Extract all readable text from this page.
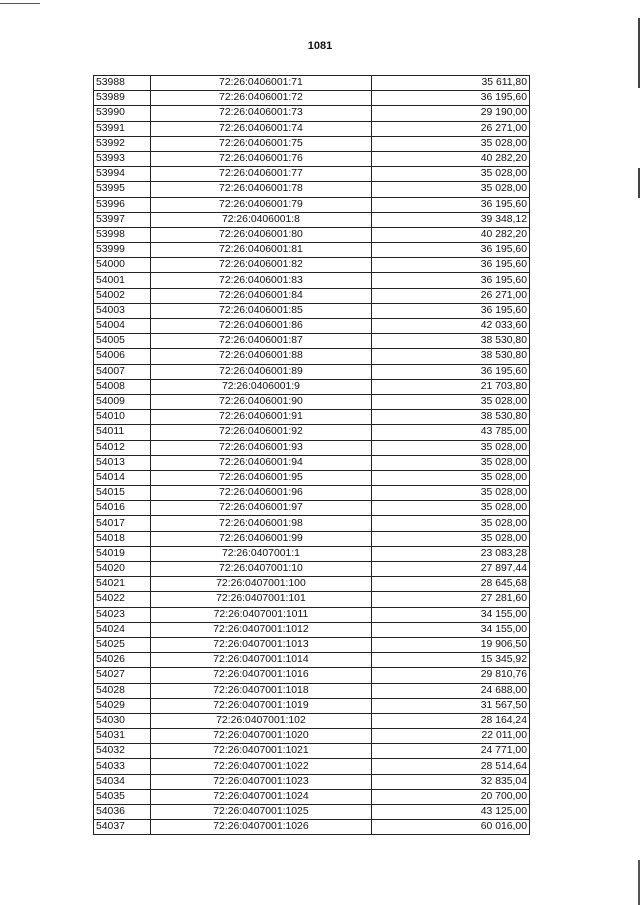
1081
53988	72:26:0406001:71	35 611,80
53989	72:26:0406001:72	36 195,60
53990	72:26:0406001:73	29 190,00
53991	72:26:0406001:74	26 271,00
53992	72:26:0406001:75	35 028,00
53993	72:26:0406001:76	40 282,20
53994	72:26:0406001:77	35 028,00
53995	72:26:0406001:78	35 028,00
53996	72:26:0406001:79	36 195,60
53997	72:26:0406001:8	39 348,12
53998	72:26:0406001:80	40 282,20
53999	72:26:0406001:81	36 195,60
54000	72:26:0406001:82	36 195,60
54001	72:26:0406001:83	36 195,60
54002	72:26:0406001:84	26 271,00
54003	72:26:0406001:85	36 195,60
54004	72:26:0406001:86	42 033,60
54005	72:26:0406001:87	38 530,80
54006	72:26:0406001:88	38 530,80
54007	72:26:0406001:89	36 195,60
54008	72:26:0406001:9	21 703,80
54009	72:26:0406001:90	35 028,00
54010	72:26:0406001:91	38 530,80
54011	72:26:0406001:92	43 785,00
54012	72:26:0406001:93	35 028,00
54013	72:26:0406001:94	35 028,00
54014	72:26:0406001:95	35 028,00
54015	72:26:0406001:96	35 028,00
54016	72:26:0406001:97	35 028,00
54017	72:26:0406001:98	35 028,00
54018	72:26:0406001:99	35 028,00
54019	72:26:0407001:1	23 083,28
54020	72:26:0407001:10	27 897,44
54021	72:26:0407001:100	28 645,68
54022	72:26:0407001:101	27 281,60
54023	72:26:0407001:1011	34 155,00
54024	72:26:0407001:1012	34 155,00
54025	72:26:0407001:1013	19 906,50
54026	72:26:0407001:1014	15 345,92
54027	72:26:0407001:1016	29 810,76
54028	72:26:0407001:1018	24 688,00
54029	72:26:0407001:1019	31 567,50
54030	72:26:0407001:102	28 164,24
54031	72:26:0407001:1020	22 011,00
54032	72:26:0407001:1021	24 771,00
54033	72:26:0407001:1022	28 514,64
54034	72:26:0407001:1023	32 835,04
54035	72:26:0407001:1024	20 700,00
54036	72:26:0407001:1025	43 125,00
54037	72:26:0407001:1026	60 016,00
